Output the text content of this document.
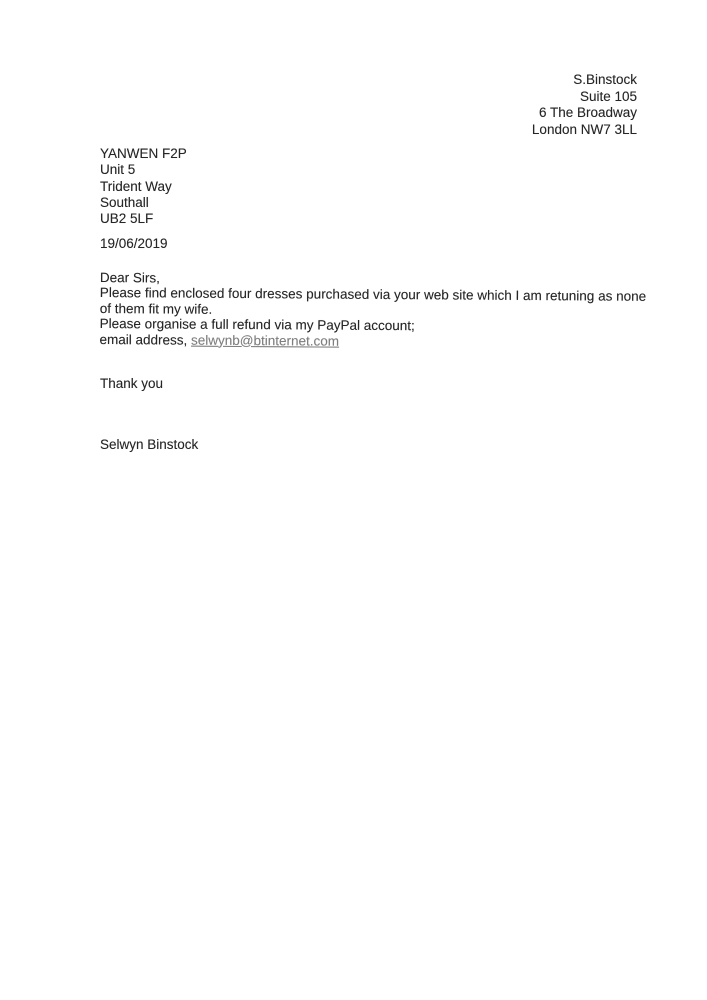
S.Binstock
Suite 105
6 The Broadway
London NW7 3LL
YANWEN F2P
Unit 5
Trident Way
Southall
UB2 5LF
19/06/2019

Dear Sirs,

Please find enclosed four dresses purchased via your web site which I am retuning as none of them fit my wife.

Please organise a full refund via my PayPal account;

email address, selwynb@btinternet.com

Thank you
Selwyn Binstock
